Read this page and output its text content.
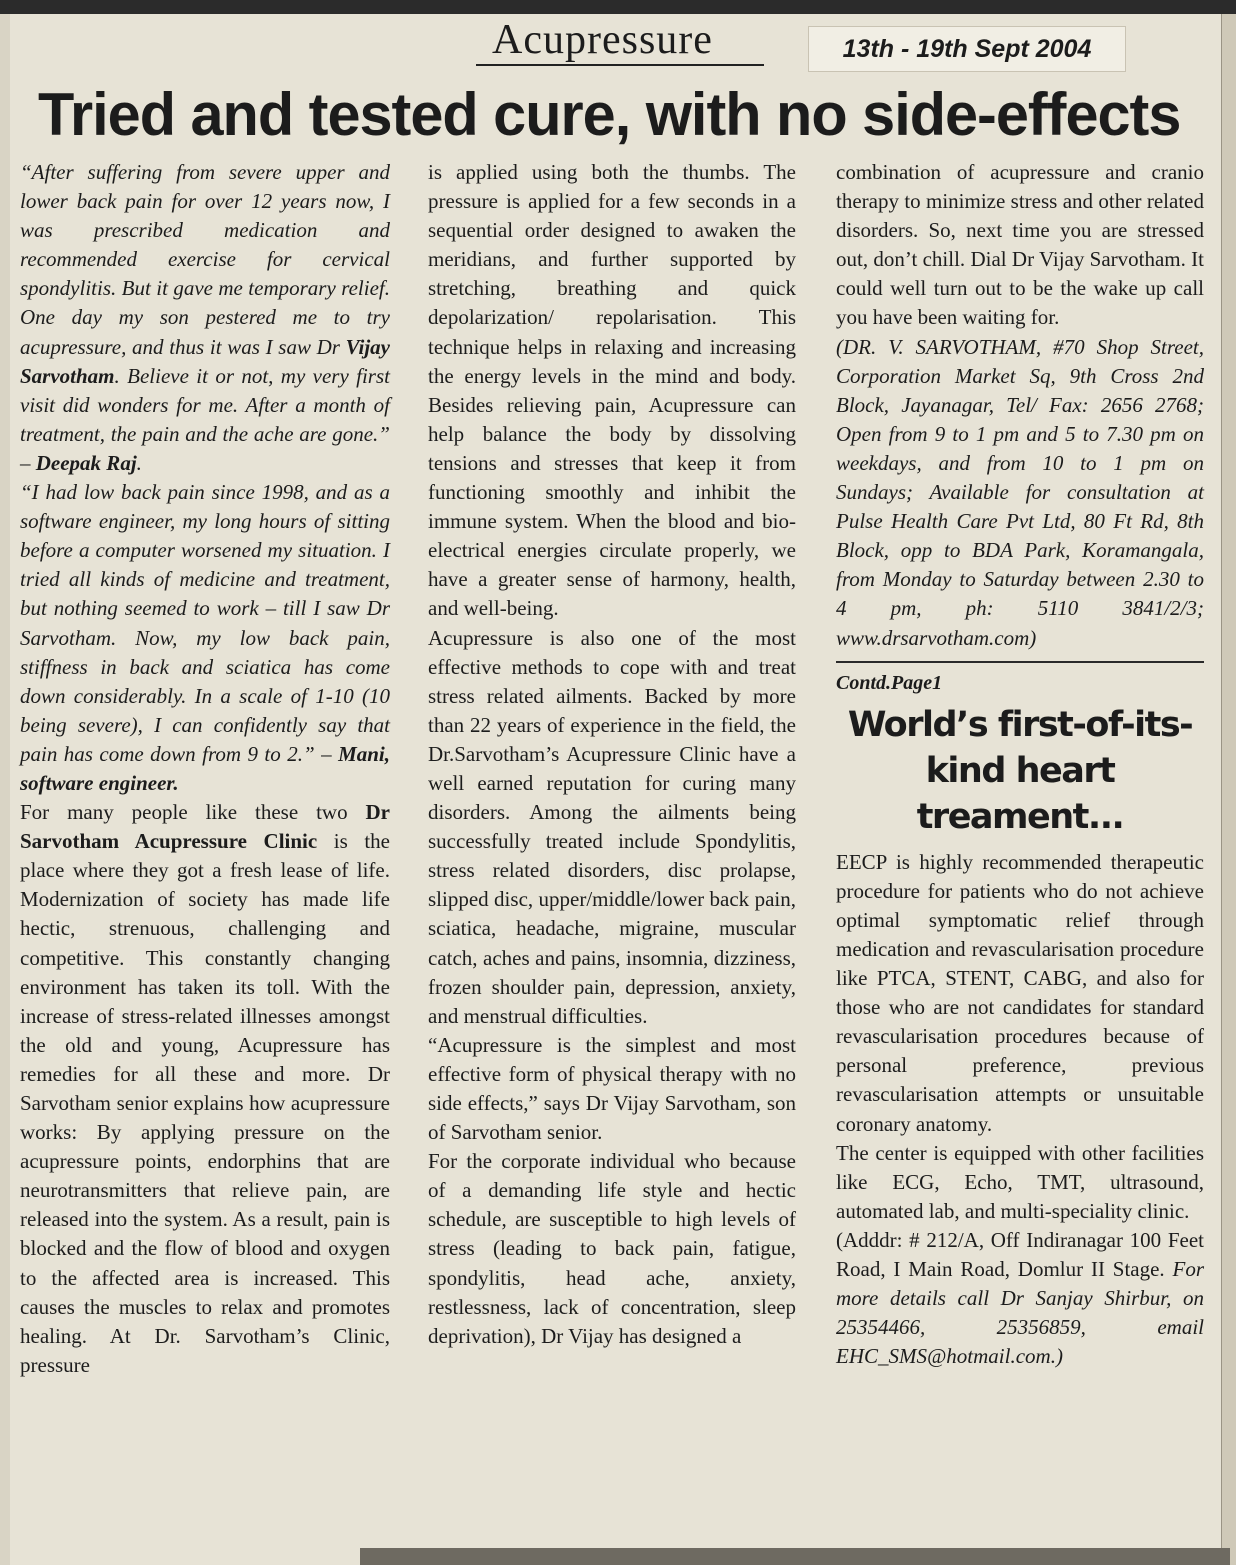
Acupressure	13th - 19th Sept 2004
Tried and tested cure, with no side-effects

“After suffering from severe upper and lower back pain for over 12 years now, I was prescribed medication and recommended exercise for cervical spondylitis. But it gave me temporary relief. One day my son pestered me to try acupressure, and thus it was I saw Dr Vijay Sarvotham. Believe it or not, my very first visit did wonders for me. After a month of treatment, the pain and the ache are gone.” – Deepak Raj.

“I had low back pain since 1998, and as a software engineer, my long hours of sitting before a computer worsened my situation. I tried all kinds of medicine and treatment, but nothing seemed to work – till I saw Dr Sarvotham. Now, my low back pain, stiffness in back and sciatica has come down considerably. In a scale of 1-10 (10 being severe), I can confidently say that pain has come down from 9 to 2.” – Mani, software engineer.

For many people like these two Dr Sarvotham Acupressure Clinic is the place where they got a fresh lease of life. Modernization of society has made life hectic, strenuous, challenging and competitive. This constantly changing environment has taken its toll. With the increase of stress-related illnesses amongst the old and young, Acupressure has remedies for all these and more. Dr Sarvotham senior explains how acupressure works: By applying pressure on the acupressure points, endorphins that are neurotransmitters that relieve pain, are released into the system. As a result, pain is blocked and the flow of blood and oxygen to the affected area is increased. This causes the muscles to relax and promotes healing. At Dr. Sarvotham’s Clinic, pressure

is applied using both the thumbs. The pressure is applied for a few seconds in a sequential order designed to awaken the meridians, and further supported by stretching, breathing and quick depolarization/ repolarisation. This technique helps in relaxing and increasing the energy levels in the mind and body. Besides relieving pain, Acupressure can help balance the body by dissolving tensions and stresses that keep it from functioning smoothly and inhibit the immune system. When the blood and bio-electrical energies circulate properly, we have a greater sense of harmony, health, and well-being.

Acupressure is also one of the most effective methods to cope with and treat stress related ailments. Backed by more than 22 years of experience in the field, the Dr.Sarvotham’s Acupressure Clinic have a well earned reputation for curing many disorders. Among the ailments being successfully treated include Spondylitis, stress related disorders, disc prolapse, slipped disc, upper/middle/lower back pain, sciatica, headache, migraine, muscular catch, aches and pains, insomnia, dizziness, frozen shoulder pain, depression, anxiety, and menstrual difficulties.

“Acupressure is the simplest and most effective form of physical therapy with no side effects,” says Dr Vijay Sarvotham, son of Sarvotham senior.

For the corporate individual who because of a demanding life style and hectic schedule, are susceptible to high levels of stress (leading to back pain, fatigue, spondylitis, head ache, anxiety, restlessness, lack of concentration, sleep deprivation), Dr Vijay has designed a

combination of acupressure and cranio therapy to minimize stress and other related disorders. So, next time you are stressed out, don’t chill. Dial Dr Vijay Sarvotham. It could well turn out to be the wake up call you have been waiting for.

(DR. V. SARVOTHAM, #70 Shop Street, Corporation Market Sq, 9th Cross 2nd Block, Jayanagar, Tel/ Fax: 2656 2768; Open from 9 to 1 pm and 5 to 7.30 pm on weekdays, and from 10 to 1 pm on Sundays; Available for consultation at Pulse Health Care Pvt Ltd, 80 Ft Rd, 8th Block, opp to BDA Park, Koramangala, from Monday to Saturday between 2.30 to 4 pm, ph: 5110 3841/2/3; www.drsarvotham.com)

Contd.Page1
World’s first-of-its-kind heart treament...

EECP is highly recommended therapeutic procedure for patients who do not achieve optimal symptomatic relief through medication and revascularisation procedure like PTCA, STENT, CABG, and also for those who are not candidates for standard revascularisation procedures because of personal preference, previous revascularisation attempts or unsuitable coronary anatomy.

The center is equipped with other facilities like ECG, Echo, TMT, ultrasound, automated lab, and multi-speciality clinic.

(Adddr: # 212/A, Off Indiranagar 100 Feet Road, I Main Road, Domlur II Stage. For more details call Dr Sanjay Shirbur, on 25354466, 25356859, email EHC_SMS@hotmail.com.)
